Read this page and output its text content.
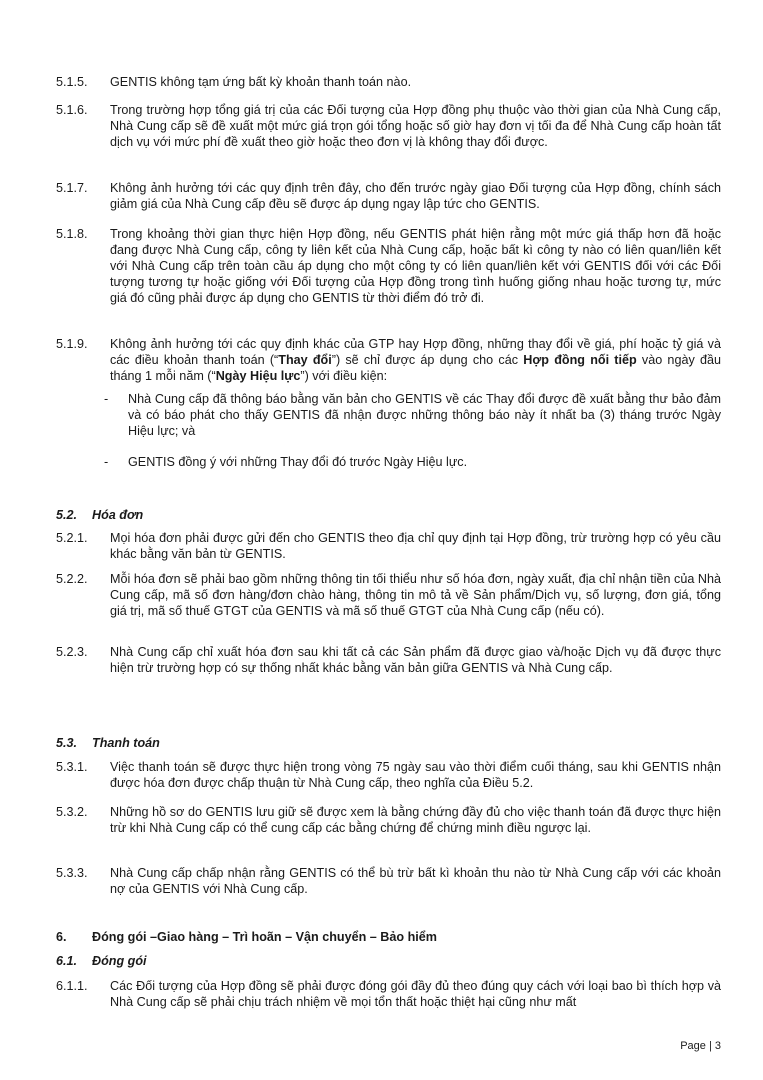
5.1.5.	GENTIS không tạm ứng bất kỳ khoản thanh toán nào.
5.1.6.	Trong trường hợp tổng giá trị của các Đối tượng của Hợp đồng phụ thuộc vào thời gian của Nhà Cung cấp, Nhà Cung cấp sẽ đề xuất một mức giá trọn gói tổng hoặc số giờ hay đơn vị tối đa để Nhà Cung cấp hoàn tất dịch vụ với mức phí đề xuất theo giờ hoặc theo đơn vị là không thay đổi được.
5.1.7.	Không ảnh hưởng tới các quy định trên đây, cho đến trước ngày giao Đối tượng của Hợp đồng, chính sách giảm giá của Nhà Cung cấp đều sẽ được áp dụng ngay lập tức cho GENTIS.
5.1.8.	Trong khoảng thời gian thực hiện Hợp đồng, nếu GENTIS phát hiện rằng một mức giá thấp hơn đã hoặc đang được Nhà Cung cấp, công ty liên kết của Nhà Cung cấp, hoặc bất kì công ty nào có liên quan/liên kết với Nhà Cung cấp trên toàn cầu áp dụng cho một công ty có liên quan/liên kết với GENTIS đối với các Đối tượng tương tự hoặc giống với Đối tượng của Hợp đồng trong tình huống giống nhau hoặc tương tự, mức giá đó cũng phải được áp dụng cho GENTIS từ thời điểm đó trở đi.
5.1.9.	Không ảnh hưởng tới các quy định khác của GTP hay Hợp đồng, những thay đổi về giá, phí hoặc tỷ giá và các điều khoản thanh toán (“Thay đổi”) sẽ chỉ được áp dụng cho các Hợp đồng nối tiếp vào ngày đầu tháng 1 mỗi năm (“Ngày Hiệu lực”) với điều kiện:
- Nhà Cung cấp đã thông báo bằng văn bản cho GENTIS về các Thay đổi được đề xuất bằng thư bảo đảm và có báo phát cho thấy GENTIS đã nhận được những thông báo này ít nhất ba (3) tháng trước Ngày Hiệu lực; và
- GENTIS đồng ý với những Thay đổi đó trước Ngày Hiệu lực.
5.2. Hóa đơn
5.2.1.	Mọi hóa đơn phải được gửi đến cho GENTIS theo địa chỉ quy định tại Hợp đồng, trừ trường hợp có yêu cầu khác bằng văn bản từ GENTIS.
5.2.2.	Mỗi hóa đơn sẽ phải bao gồm những thông tin tối thiểu như số hóa đơn, ngày xuất, địa chỉ nhận tiền của Nhà Cung cấp, mã số đơn hàng/đơn chào hàng, thông tin mô tả về Sản phẩm/Dịch vụ, số lượng, đơn giá, tổng giá trị, mã số thuế GTGT của GENTIS và mã số thuế GTGT của Nhà Cung cấp (nếu có).
5.2.3.	Nhà Cung cấp chỉ xuất hóa đơn sau khi tất cả các Sản phẩm đã được giao và/hoặc Dịch vụ đã được thực hiện trừ trường hợp có sự thống nhất khác bằng văn bản giữa GENTIS và Nhà Cung cấp.
5.3. Thanh toán
5.3.1.	Việc thanh toán sẽ được thực hiện trong vòng 75 ngày sau vào thời điểm cuối tháng, sau khi GENTIS nhận được hóa đơn được chấp thuận từ Nhà Cung cấp, theo nghĩa của Điều 5.2.
5.3.2.	Những hồ sơ do GENTIS lưu giữ sẽ được xem là bằng chứng đầy đủ cho việc thanh toán đã được thực hiện trừ khi Nhà Cung cấp có thể cung cấp các bằng chứng để chứng minh điều ngược lại.
5.3.3.	Nhà Cung cấp chấp nhận rằng GENTIS có thể bù trừ bất kì khoản thu nào từ Nhà Cung cấp với các khoản nợ của GENTIS với Nhà Cung cấp.
6. Đóng gói –Giao hàng – Trì hoãn – Vận chuyển – Bảo hiểm
6.1. Đóng gói
6.1.1.	Các Đối tượng của Hợp đồng sẽ phải được đóng gói đầy đủ theo đúng quy cách với loại bao bì thích hợp và Nhà Cung cấp sẽ phải chịu trách nhiệm về mọi tổn thất hoặc thiệt hại cũng như mất
Page | 3
